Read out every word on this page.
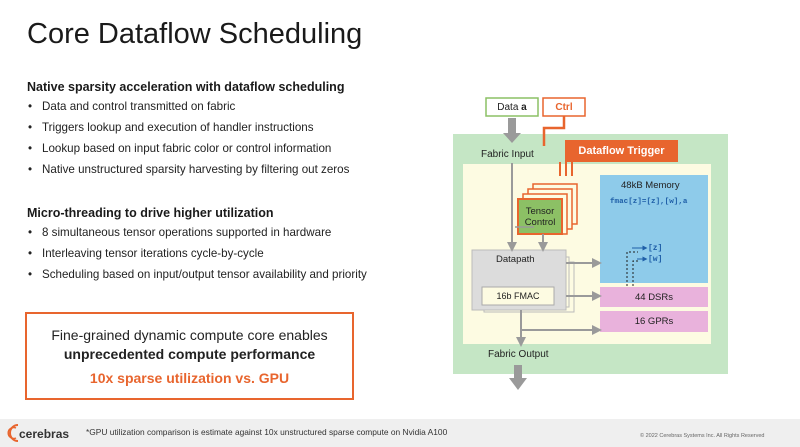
Core Dataflow Scheduling
Native sparsity acceleration with dataflow scheduling
• Data and control transmitted on fabric
• Triggers lookup and execution of handler instructions
• Lookup based on input fabric color or control information
• Native unstructured sparsity harvesting by filtering out zeros
Micro-threading to drive higher utilization
• 8 simultaneous tensor operations supported in hardware
• Interleaving tensor iterations cycle-by-cycle
• Scheduling based on input/output tensor availability and priority
Fine-grained dynamic compute core enables
unprecedented compute performance
10x sparse utilization vs. GPU
Data
a	Ctrl
Fabric Input	Dataflow Trigger
Tensor
Control
Datapath
16b FMAC
48kB Memory
fmac[z]=[z],[w],a
[z]
[w]
44 DSRs
16 GPRs
Fabric Output
cerebras *GPU utilization comparison is estimate against 10x unstructured sparse compute on Nvidia A100	© 2022 Cerebras Systems Inc. All Rights Reserved
